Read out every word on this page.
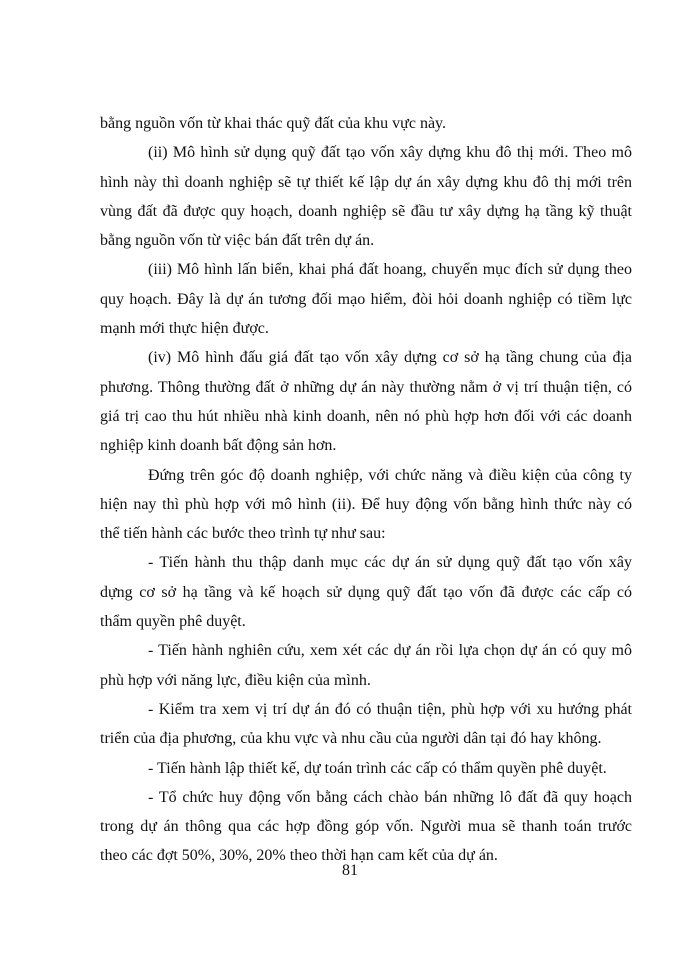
bằng nguồn vốn từ khai thác quỹ đất của khu vực này.
(ii) Mô hình sử dụng quỹ đất tạo vốn xây dựng khu đô thị mới. Theo mô
hình này thì doanh nghiệp sẽ tự thiết kế lập dự án xây dựng khu đô thị mới trên
vùng đất đã được quy hoạch, doanh nghiệp sẽ đầu tư xây dựng hạ tầng kỹ thuật
bằng nguồn vốn từ việc bán đất trên dự án.
(iii) Mô hình lấn biển, khai phá đất hoang, chuyển mục đích sử dụng theo
quy hoạch. Đây là dự án tương đối mạo hiểm, đòi hỏi doanh nghiệp có tiềm lực
mạnh mới thực hiện được.
(iv) Mô hình đấu giá đất tạo vốn xây dựng cơ sở hạ tầng chung của địa
phương. Thông thường đất ở những dự án này thường nằm ở vị trí thuận tiện, có
giá trị cao thu hút nhiều nhà kinh doanh, nên nó phù hợp hơn đối với các doanh
nghiệp kinh doanh bất động sản hơn.
Đứng trên góc độ doanh nghiệp, với chức năng và điều kiện của công ty
hiện nay thì phù hợp với mô hình (ii). Để huy động vốn bằng hình thức này có
thể tiến hành các bước theo trình tự như sau:
- Tiến hành thu thập danh mục các dự án sử dụng quỹ đất tạo vốn xây
dựng cơ sở hạ tầng và kế hoạch sử dụng quỹ đất tạo vốn đã được các cấp có
thẩm quyền phê duyệt.
- Tiến hành nghiên cứu, xem xét các dự án rồi lựa chọn dự án có quy mô
phù hợp với năng lực, điều kiện của mình.
- Kiểm tra xem vị trí dự án đó có thuận tiện, phù hợp với xu hướng phát
triển của địa phương, của khu vực và nhu cầu của người dân tại đó hay không.
- Tiến hành lập thiết kế, dự toán trình các cấp có thẩm quyền phê duyệt.
- Tổ chức huy động vốn bằng cách chào bán những lô đất đã quy hoạch
trong dự án thông qua các hợp đồng góp vốn. Người mua sẽ thanh toán trước
theo các đợt 50%, 30%, 20% theo thời hạn cam kết của dự án.
81
